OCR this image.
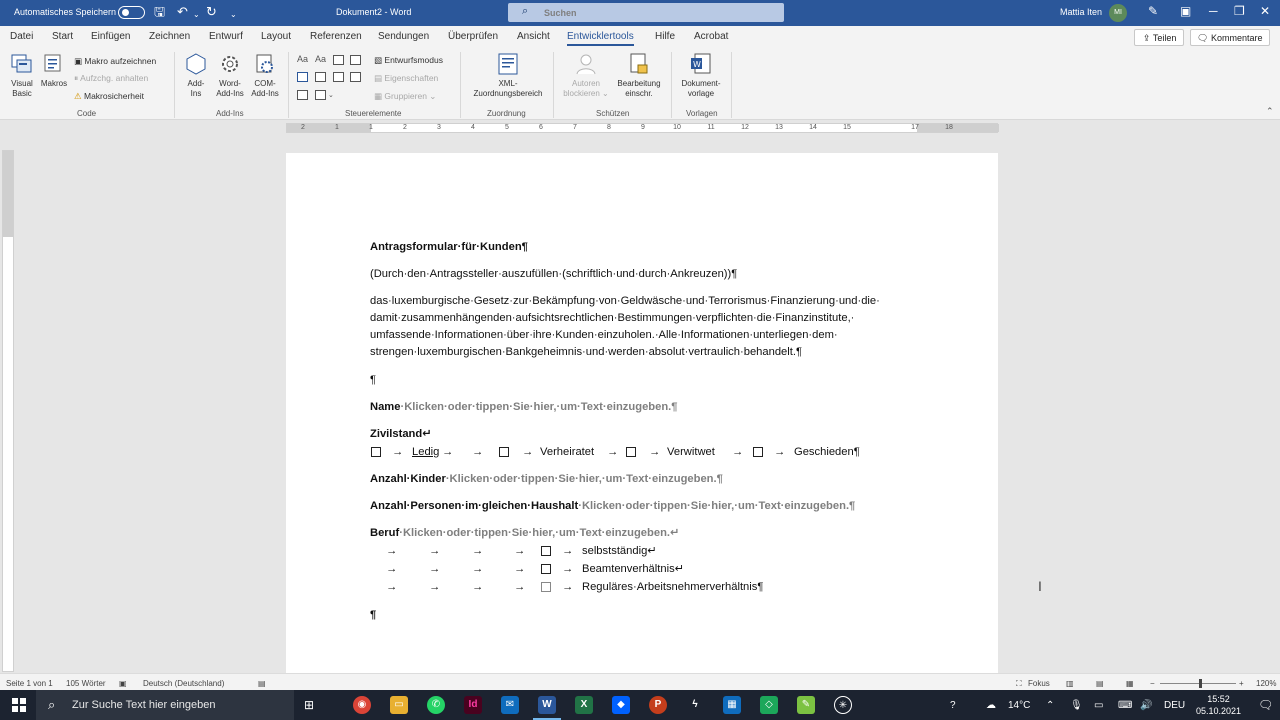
Automatisches Speichern	🖫 ↶ ⌄ ↻ ⌄	Dokument2 - Word	⌕ Suchen	Mattia Iten	MI	✎ ▣ ─ ❐ ✕
Datei Start Einfügen Zeichnen Entwurf Layout Referenzen Sendungen Überprüfen Ansicht Entwicklertools Hilfe Acrobat	⇪ Teilen	🗨 Kommentare
Visual
Basic
Makros
▣ Makro aufzeichnen
⏸ Aufzchg. anhalten
⚠ Makrosicherheit
Code
Add-
Ins
Word-
Add-Ins
COM-
Add-Ins
Add-Ins
Aa Aa
⌄
▧ Entwurfsmodus
▤ Eigenschaften
▦ Gruppieren ⌄
Steuerelemente
XML-
Zuordnungsbereich
Zuordnung
Autoren
blockieren ⌄
Bearbeitung
einschr.
Schützen
W
Dokument-
vorlage
Vorlagen	⌃
2	1	1	2	3	4	5	6	7	8	9	10	11	12	13	14	15	17	18
Antragsformular·für·Kunden¶
(Durch·den·Antragssteller·auszufüllen·(schriftlich·und·durch·Ankreuzen))¶
das·luxemburgische·Gesetz·zur·Bekämpfung·von·Geldwäsche·und·Terrorismus·Finanzierung·und·die·
damit·zusammenhängenden·aufsichtsrechtlichen·Bestimmungen·verpflichten·die·Finanzinstitute,·
umfassende·Informationen·über·ihre·Kunden·einzuholen.·Alle·Informationen·unterliegen·dem·
strengen·luxemburgischen·Bankgeheimnis·und·werden·absolut·vertraulich·behandelt.¶
¶
Name·Klicken·oder·tippen·Sie·hier,·um·Text·einzugeben.¶
Zivilstand↵
→ Ledig → →	→ Verheiratet →	→ Verwitwet →	→ Geschieden¶
Anzahl·Kinder·Klicken·oder·tippen·Sie·hier,·um·Text·einzugeben.¶
Anzahl·Personen·im·gleichen·Haushalt·Klicken·oder·tippen·Sie·hier,·um·Text·einzugeben.¶
Beruf·Klicken·oder·tippen·Sie·hier,·um·Text·einzugeben.↵
→	→	→	→	→ selbstständig↵
→	→	→	→	→ Beamtenverhältnis↵
→	→	→	→	→ Reguläres·Arbeitsnehmerverhältnis¶
¶
I
Seite 1 von 1 105 Wörter ▣ Deutsch (Deutschland)	▤	⛶ Fokus ▥	▤	▦ −	+ 120%
⌕ Zur Suche Text hier eingeben	⊞	◉	▭	✆	Id	✉	W	X	◆	P	ϟ	▦	◇	✎	✳	?	☁ 14°C ⌃ 🎙 ▭ ⌨ 🔊 DEU
15:52
05.10.2021 🗨
